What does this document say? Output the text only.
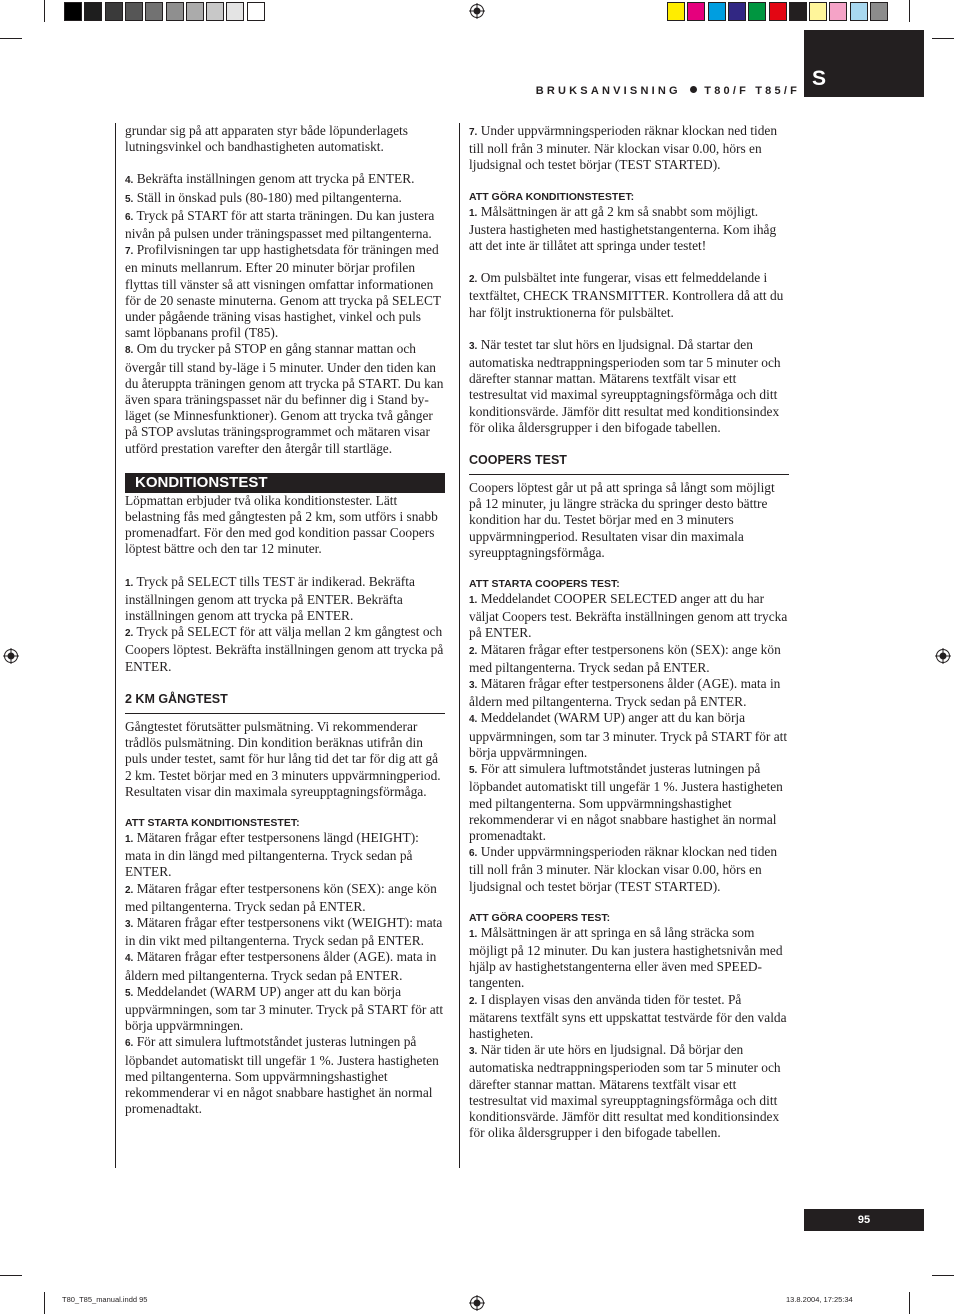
BRUKSANVISNING T80/F T85/F
S

grundar sig på att apparaten styr både löpunderlagets lutningsvinkel och bandhastigheten automatiskt.

4. Bekräfta inställningen genom att trycka på ENTER.

5. Ställ in önskad puls (80-180) med piltangenterna.

6. Tryck på START för att starta träningen. Du kan justera nivån på pulsen under träningspasset med piltangenterna.

7. Profilvisningen tar upp hastighetsdata för träningen med en minuts mellanrum. Efter 20 minuter börjar profilen flyttas till vänster så att visningen omfattar informationen för de 20 senaste minuterna. Genom att trycka på SELECT under pågående träning visas hastighet, vinkel och puls samt löpbanans profil (T85).

8. Om du trycker på STOP en gång stannar mattan och övergår till stand by-läge i 5 minuter. Under den tiden kan du återuppta träningen genom att trycka på START. Du kan även spara träningspasset när du befinner dig i Stand by-läget (se Minnesfunktioner). Genom att trycka två gånger på STOP avslutas träningsprogrammet och mätaren visar utförd prestation varefter den återgår till startläge.

KONDITIONSTEST

Löpmattan erbjuder två olika konditionstester. Lätt belastning fås med gångtesten på 2 km, som utförs i snabb promenadfart. För den med god kondition passar Coopers löptest bättre och den tar 12 minuter.

1. Tryck på SELECT tills TEST är indikerad. Bekräfta inställningen genom att trycka på ENTER. Bekräfta inställningen genom att trycka på ENTER.

2. Tryck på SELECT för att välja mellan 2 km gångtest och Coopers löptest. Bekräfta inställningen genom att trycka på ENTER.

2 KM GÅNGTEST

Gångtestet förutsätter pulsmätning. Vi rekommenderar trådlös pulsmätning. Din kondition beräknas utifrån din puls under testet, samt för hur lång tid det tar för dig att gå 2 km. Testet börjar med en 3 minuters uppvärmningperiod. Resultaten visar din maximala syreupptagningsförmåga.

ATT STARTA KONDITIONSTESTET:

1. Mätaren frågar efter testpersonens längd (HEIGHT): mata in din längd med piltangenterna. Tryck sedan på ENTER.

2. Mätaren frågar efter testpersonens kön (SEX): ange kön med piltangenterna. Tryck sedan på ENTER.

3. Mätaren frågar efter testpersonens vikt (WEIGHT): mata in din vikt med piltangenterna. Tryck sedan på ENTER.

4. Mätaren frågar efter testpersonens ålder (AGE). mata in åldern med piltangenterna. Tryck sedan på ENTER.

5. Meddelandet (WARM UP) anger att du kan börja uppvärmningen, som tar 3 minuter. Tryck på START för att börja uppvärmningen.

6. För att simulera luftmotståndet justeras lutningen på löpbandet automatiskt till ungefär 1 %. Justera hastigheten med piltangenterna. Som uppvärmningshastighet rekommenderar vi en något snabbare hastighet än normal promenadtakt.

7. Under uppvärmningsperioden räknar klockan ned tiden till noll från 3 minuter. När klockan visar 0.00, hörs en ljudsignal och testet börjar (TEST STARTED).

ATT GÖRA KONDITIONSTESTET:

1. Målsättningen är att gå 2 km så snabbt som möjligt. Justera hastigheten med hastighetstangenterna. Kom ihåg att det inte är tillåtet att springa under testet!

2. Om pulsbältet inte fungerar, visas ett felmeddelande i textfältet, CHECK TRANSMITTER. Kontrollera då att du har följt instruktionerna för pulsbältet.

3. När testet tar slut hörs en ljudsignal. Då startar den automatiska nedtrappningsperioden som tar 5 minuter och därefter stannar mattan. Mätarens textfält visar ett testresultat vid maximal syreupptagningsförmåga och ditt konditionsvärde. Jämför ditt resultat med konditionsindex för olika åldersgrupper i den bifogade tabellen.

COOPERS TEST

Coopers löptest går ut på att springa så långt som möjligt på 12 minuter, ju längre sträcka du springer desto bättre kondition har du. Testet börjar med en 3 minuters uppvärmningperiod. Resultaten visar din maximala syreupptagningsförmåga.

ATT STARTA COOPERS TEST:

1. Meddelandet COOPER SELECTED anger att du har väljat Coopers test. Bekräfta inställningen genom att trycka på ENTER.

2. Mätaren frågar efter testpersonens kön (SEX): ange kön med piltangenterna. Tryck sedan på ENTER.

3. Mätaren frågar efter testpersonens ålder (AGE). mata in åldern med piltangenterna. Tryck sedan på ENTER.

4. Meddelandet (WARM UP) anger att du kan börja uppvärmningen, som tar 3 minuter. Tryck på START för att börja uppvärmningen.

5. För att simulera luftmotståndet justeras lutningen på löpbandet automatiskt till ungefär 1 %. Justera hastigheten med piltangenterna. Som uppvärmningshastighet rekommenderar vi en något snabbare hastighet än normal promenadtakt.

6. Under uppvärmningsperioden räknar klockan ned tiden till noll från 3 minuter. När klockan visar 0.00, hörs en ljudsignal och testet börjar (TEST STARTED).

ATT GÖRA COOPERS TEST:

1. Målsättningen är att springa en så lång sträcka som möjligt på 12 minuter. Du kan justera hastighetsnivån med hjälp av hastighetstangenterna eller även med SPEED-tangenten.

2. I displayen visas den använda tiden för testet. På mätarens textfält syns ett uppskattat testvärde för den valda hastigheten.

3. När tiden är ute hörs en ljudsignal. Då börjar den automatiska nedtrappningsperioden som tar 5 minuter och därefter stannar mattan. Mätarens textfält visar ett testresultat vid maximal syreupptagningsförmåga och ditt konditionsvärde. Jämför ditt resultat med konditionsindex för olika åldersgrupper i den bifogade tabellen.

95
T80_T85_manual.indd 95	13.8.2004, 17:25:34
